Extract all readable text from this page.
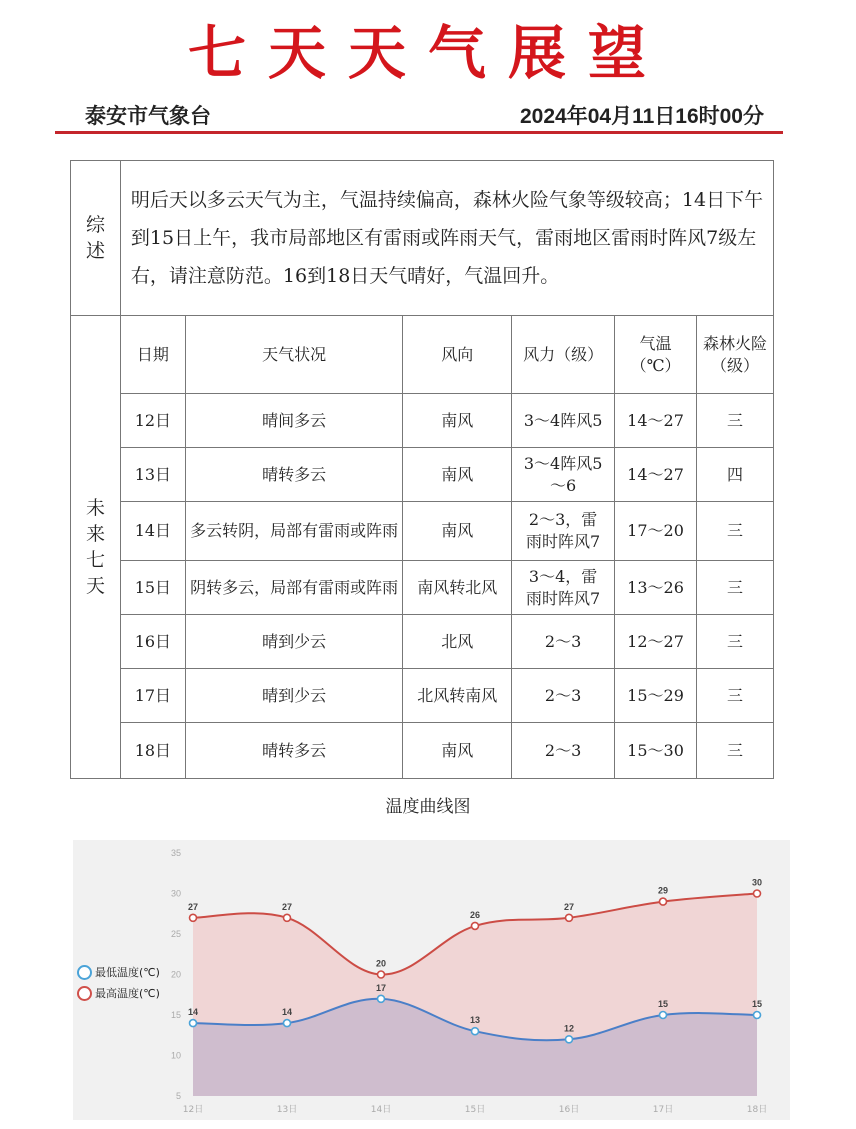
七天天气展望
泰安市气象台	2024年04月11日16时00分
综述	明后天以多云天气为主，气温持续偏高，森林火险气象等级较高；14日下午到15日上午，我市局部地区有雷雨或阵雨天气，雷雨地区雷雨时阵风7级左右，请注意防范。16到18日天气晴好，气温回升。					
未来七天	日期	天气状况	风向	风力（级）	气温（℃）	森林火险（级）
	12日	晴间多云	南风	3～4阵风5	14～27	三
	13日	晴转多云	南风	3～4阵风5～6	14～27	四
	14日	多云转阴，局部有雷雨或阵雨	南风	2～3，雷雨时阵风7	17～20	三
	15日	阴转多云，局部有雷雨或阵雨	南风转北风	3～4，雷雨时阵风7	13～26	三
	16日	晴到少云	北风	2～3	12～27	三
	17日	晴到少云	北风转南风	2～3	15～29	三
	18日	晴转多云	南风	2～3	15～30	三
温度曲线图
5
10
15
20
25
30
35
12日	13日	14日	15日	16日	17日	18日
27	27
20
26
27
29
30
14	14
17
13
12
15	15
最低温度(℃)
最高温度(℃)
